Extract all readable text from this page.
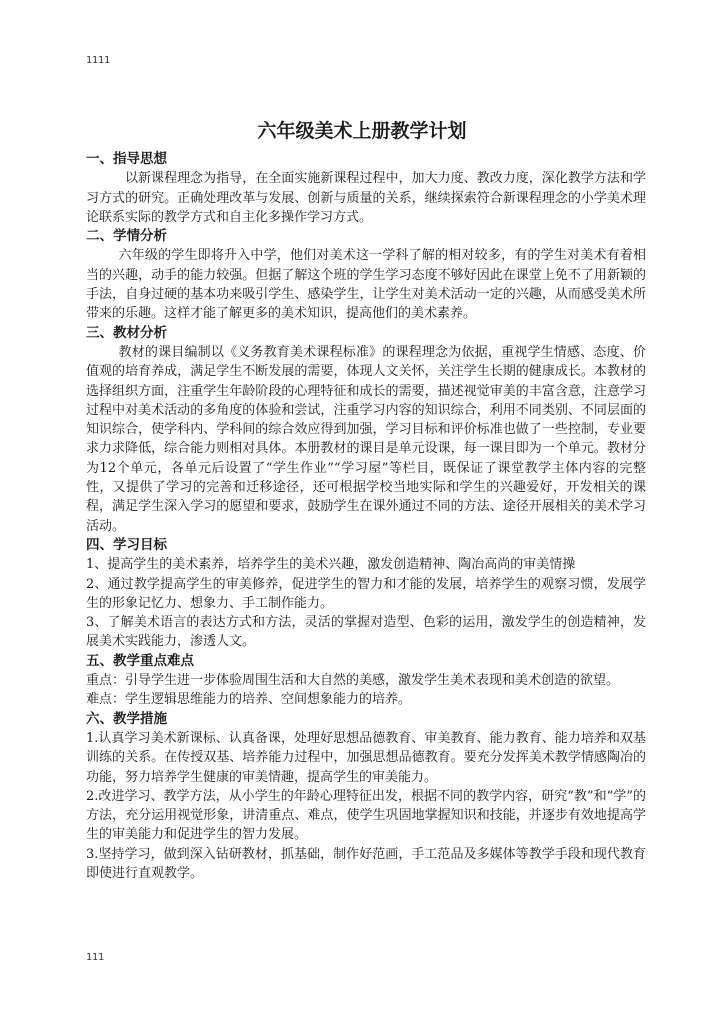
1111
六年级美术上册教学计划
一、指导思想

以新课程理念为指导，在全面实施新课程过程中，加大力度、教改力度，深化教学方法和学习方式的研究。正确处理改革与发展、创新与质量的关系，继续探索符合新课程理念的小学美术理论联系实际的教学方式和自主化多操作学习方式。

二、学情分析

六年级的学生即将升入中学，他们对美术这一学科了解的相对较多，有的学生对美术有着相当的兴趣，动手的能力较强。但据了解这个班的学生学习态度不够好因此在课堂上免不了用新颖的手法，自身过硬的基本功来吸引学生、感染学生，让学生对美术活动一定的兴趣，从而感受美术所带来的乐趣。这样才能了解更多的美术知识，提高他们的美术素养。

三、教材分析

教材的课目编制以《义务教育美术课程标准》的课程理念为依据，重视学生情感、态度、价值观的培育养成，满足学生不断发展的需要，体现人文关怀，关注学生长期的健康成长。本教材的选择组织方面，注重学生年龄阶段的心理特征和成长的需要，描述视觉审美的丰富含意，注意学习过程中对美术活动的多角度的体验和尝试，注重学习内容的知识综合，利用不同类别、不同层面的知识综合，使学科内、学科间的综合效应得到加强，学习目标和评价标准也做了一些控制，专业要求力求降低，综合能力则相对具体。本册教材的课目是单元设课，每一课目即为一个单元。教材分为12个单元，各单元后设置了“学生作业”“学习屋”等栏目，既保证了课堂教学主体内容的完整性，又提供了学习的完善和迁移途径，还可根据学校当地实际和学生的兴趣爱好，开发相关的课程，满足学生深入学习的愿望和要求，鼓励学生在课外通过不同的方法、途径开展相关的美术学习活动。

四、学习目标

1、提高学生的美术素养，培养学生的美术兴趣，激发创造精神、陶冶高尚的审美情操

2、通过教学提高学生的审美修养，促进学生的智力和才能的发展，培养学生的观察习惯，发展学生的形象记忆力、想象力、手工制作能力。

3、了解美术语言的表达方式和方法，灵活的掌握对造型、色彩的运用，激发学生的创造精神，发展美术实践能力，渗透人文。

五、教学重点难点

重点：引导学生进一步体验周围生活和大自然的美感，激发学生美术表现和美术创造的欲望。

难点：学生逻辑思维能力的培养、空间想象能力的培养。

六、教学措施

1.认真学习美术新课标、认真备课，处理好思想品德教育、审美教育、能力教育、能力培养和双基训练的关系。在传授双基、培养能力过程中，加强思想品德教育。要充分发挥美术教学情感陶冶的功能，努力培养学生健康的审美情趣，提高学生的审美能力。

2.改进学习、教学方法，从小学生的年龄心理特征出发，根据不同的教学内容，研究“教”和“学”的方法，充分运用视觉形象，讲清重点、难点，使学生巩固地掌握知识和技能，并逐步有效地提高学生的审美能力和促进学生的智力发展。

3.坚持学习，做到深入钻研教材，抓基础，制作好范画，手工范品及多媒体等教学手段和现代教育即使进行直观教学。

111
